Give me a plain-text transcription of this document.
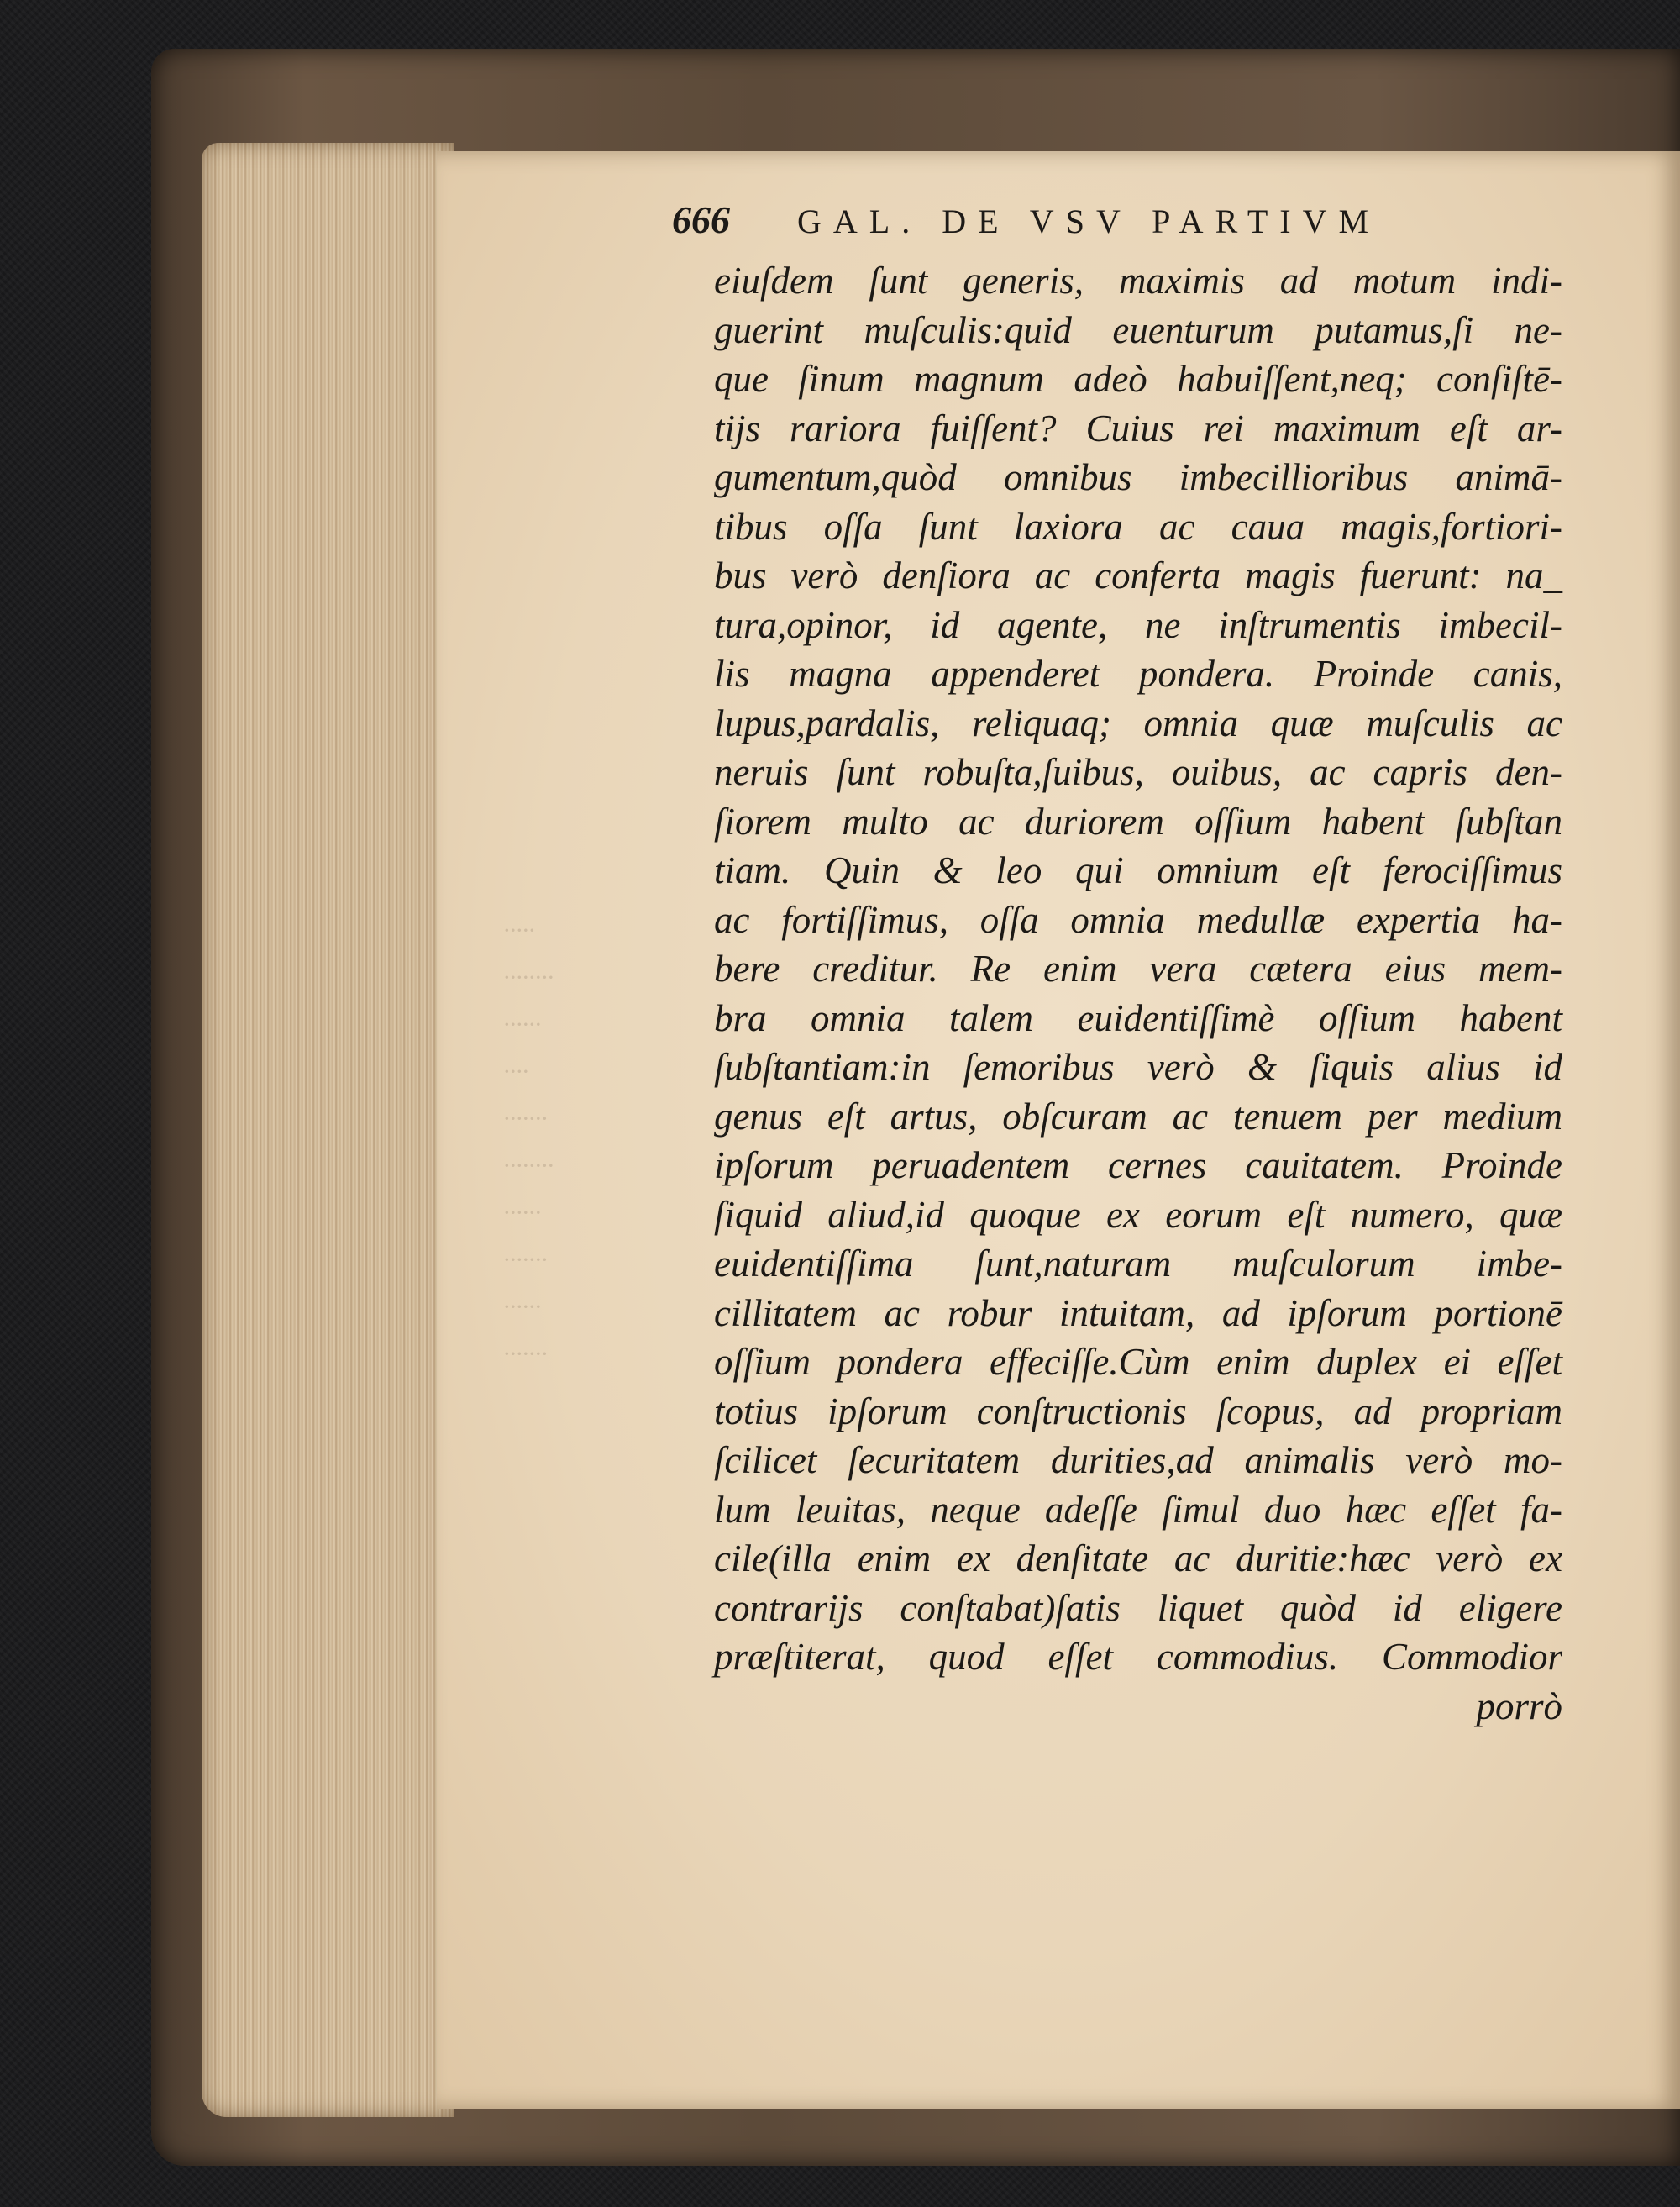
·····
········
······
····
·······
········
······
·······
······
·······
666 GAL. DE VSV PARTIVM
eiuſdem ſunt generis, maximis ad motum indi-
guerint muſculis:quid euenturum putamus,ſi ne-
que ſinum magnum adeò habuiſſent,neq; conſiſtē-
tijs rariora fuiſſent? Cuius rei maximum eſt ar-
gumentum,quòd omnibus imbecillioribus animā-
tibus oſſa ſunt laxiora ac caua magis,fortiori-
bus verò denſiora ac conferta magis fuerunt: na_
tura,opinor, id agente, ne inſtrumentis imbecil-
lis magna appenderet pondera. Proinde canis,
lupus,pardalis, reliquaq; omnia quæ muſculis ac
neruis ſunt robuſta,ſuibus, ouibus, ac capris den-
ſiorem multo ac duriorem oſſium habent ſubſtan
tiam. Quin & leo qui omnium eſt ferociſſimus
ac fortiſſimus, oſſa omnia medullæ expertia ha-
bere creditur. Re enim vera cætera eius mem-
bra omnia talem euidentiſſimè oſſium habent
ſubſtantiam:in ſemoribus verò & ſiquis alius id
genus eſt artus, obſcuram ac tenuem per medium
ipſorum peruadentem cernes cauitatem. Proinde
ſiquid aliud,id quoque ex eorum eſt numero, quæ
euidentiſſima ſunt,naturam muſculorum imbe-
cillitatem ac robur intuitam, ad ipſorum portionē
oſſium pondera effeciſſe.Cùm enim duplex ei eſſet
totius ipſorum conſtructionis ſcopus, ad propriam
ſcilicet ſecuritatem durities,ad animalis verò mo-
lum leuitas, neque adeſſe ſimul duo hæc eſſet fa-
cile(illa enim ex denſitate ac duritie:hæc verò ex
contrarijs conſtabat)ſatis liquet quòd id eligere
præſtiterat, quod eſſet commodius. Commodior
porrò
